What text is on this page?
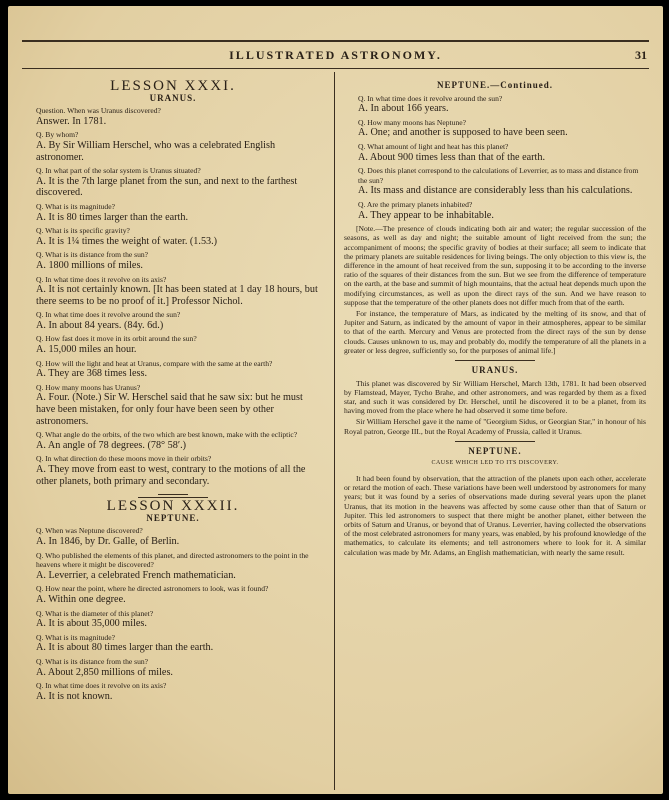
ILLUSTRATED ASTRONOMY.	31
LESSON XXXI.
URANUS.
Question. When was Uranus discovered?
Answer. In 1781.
Q. By whom?
A. By Sir William Herschel, who was a celebrated English astronomer.
Q. In what part of the solar system is Uranus situated?
A. It is the 7th large planet from the sun, and next to the farthest discovered.
Q. What is its magnitude?
A. It is 80 times larger than the earth.
Q. What is its specific gravity?
A. It is 1¼ times the weight of water. (1.53.)
Q. What is its distance from the sun?
A. 1800 millions of miles.
Q. In what time does it revolve on its axis?
A. It is not certainly known. [It has been stated at 1 day 18 hours, but there seems to be no proof of it.] Professor Nichol.
Q. In what time does it revolve around the sun?
A. In about 84 years. (84y. 6d.)
Q. How fast does it move in its orbit around the sun?
A. 15,000 miles an hour.
Q. How will the light and heat at Uranus, compare with the same at the earth?
A. They are 368 times less.
Q. How many moons has Uranus?
A. Four. (Note.) Sir W. Herschel said that he saw six: but he must have been mistaken, for only four have been seen by other astronomers.
Q. What angle do the orbits, of the two which are best known, make with the ecliptic?
A. An angle of 78 degrees. (78° 58′.)
Q. In what direction do these moons move in their orbits?
A. They move from east to west, contrary to the motions of all the other planets, both primary and secondary.
LESSON XXXII.
NEPTUNE.
Q. When was Neptune discovered?
A. In 1846, by Dr. Galle, of Berlin.
Q. Who published the elements of this planet, and directed astronomers to the point in the heavens where it might be discovered?
A. Leverrier, a celebrated French mathematician.
Q. How near the point, where he directed astronomers to look, was it found?
A. Within one degree.
Q. What is the diameter of this planet?
A. It is about 35,000 miles.
Q. What is its magnitude?
A. It is about 80 times larger than the earth.
Q. What is its distance from the sun?
A. About 2,850 millions of miles.
Q. In what time does it revolve on its axis?
A. It is not known.
NEPTUNE.—Continued.
Q. In what time does it revolve around the sun?
A. In about 166 years.
Q. How many moons has Neptune?
A. One; and another is supposed to have been seen.
Q. What amount of light and heat has this planet?
A. About 900 times less than that of the earth.
Q. Does this planet correspond to the calculations of Leverrier, as to mass and distance from the sun?
A. Its mass and distance are considerably less than his calculations.
Q. Are the primary planets inhabited?
A. They appear to be inhabitable.
[Note.—The presence of clouds indicating both air and water; the regular succession of the seasons, as well as day and night; the suitable amount of light received from the sun; the accompaniment of moons; the specific gravity of bodies at their surface; all seem to indicate that the primary planets are suitable residences for living beings. The only objection to this view is, the difference in the amount of heat received from the sun, supposing it to be according to the inverse ratio of the squares of their distances from the sun. But we see from the difference of temperature on the earth, at the base and summit of high mountains, that the actual heat depends much upon the modifying circumstances, as well as upon the direct rays of the sun. And we have reason to suppose that the temperature of the other planets does not differ much from that of the earth.
For instance, the temperature of Mars, as indicated by the melting of its snow, and that of Jupiter and Saturn, as indicated by the amount of vapor in their atmospheres, appear to be similar to that of the earth. Mercury and Venus are protected from the direct rays of the sun by dense clouds. Causes unknown to us, may and probably do, modify the temperature of all the planets in a greater or less degree, sufficiently so, for the purposes of animal life.]
URANUS.
This planet was discovered by Sir William Herschel, March 13th, 1781. It had been observed by Flamstead, Mayer, Tycho Brahe, and other astronomers, and was regarded by them as a fixed star, and such it was considered by Dr. Herschel, until he discovered it to be a planet, from its having moved from the place where he had observed it some time before.
Sir William Herschel gave it the name of "Georgium Sidus, or Georgian Star," in honour of his Royal patron, George III., but the Royal Academy of Prussia, called it Uranus.
NEPTUNE.
CAUSE WHICH LED TO ITS DISCOVERY.
It had been found by observation, that the attraction of the planets upon each other, accelerate or retard the motion of each. These variations have been well understood by astronomers for many years; but it was found by a series of observations made during several years upon the planet Uranus, that its motion in the heavens was affected by some cause other than that of Saturn or Jupiter. This led astronomers to suspect that there might be another planet, either between the orbits of Saturn and Uranus, or beyond that of Uranus. Leverrier, having collected the observations of the most celebrated astronomers for many years, was enabled, by his profound knowledge of the mathematics, to calculate its elements; and tell astronomers where to look for it. A similar calculation was made by Mr. Adams, an English mathematician, with nearly the same result.
